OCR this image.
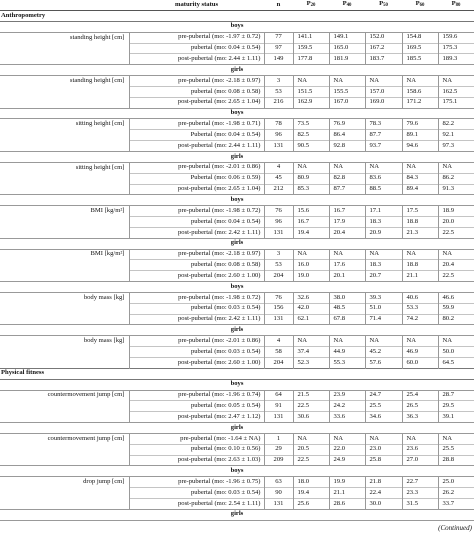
	maturity status	n	$P_{20}$	$P_{40}$	$P_{50}$	$P_{60}$	$P_{80}$
Anthropometry							
boys							
standing height [cm]	pre-pubertal (mo: -1.97 ± 0.72)	77	141.1	149.1	152.0	154.8	159.6
	pubertal (mo: 0.04 ± 0.54)	97	159.5	165.0	167.2	169.5	175.3
	post-pubertal (mo: 2.44 ± 1.11)	149	177.8	181.9	183.7	185.5	189.3
girls							
standing height [cm]	pre-pubertal (mo: -2.18 ± 0.97)	3	NA	NA	NA	NA	NA
	pubertal (mo: 0.08 ± 0.58)	53	151.5	155.5	157.0	158.6	162.5
	post-pubertal (mo: 2.65 ± 1.04)	216	162.9	167.0	169.0	171.2	175.1
boys							
sitting height [cm]	pre-pubertal (mo: -1.98 ± 0.71)	78	73.5	76.9	78.3	79.6	82.2
	Pubertal (mo: 0.04 ± 0.54)	96	82.5	86.4	87.7	89.1	92.1
	post-pubertal (mo: 2.44 ± 1.11)	131	90.5	92.8	93.7	94.6	97.3
girls							
sitting height [cm]	pre-pubertal (mo: -2.01 ± 0.86)	4	NA	NA	NA	NA	NA
	Pubertal (mo: 0.06 ± 0.59)	45	80.9	82.8	83.6	84.3	86.2
	post-pubertal (mo: 2.65 ± 1.04)	212	85.3	87.7	88.5	89.4	91.3
boys							
BMI [kg/m²]	pre-pubertal (mo: -1.98 ± 0.72)	76	15.6	16.7	17.1	17.5	18.9
	pubertal (mo: 0.04 ± 0.54)	96	16.7	17.9	18.3	18.8	20.0
	post-pubertal (mo: 2.42 ± 1.11)	131	19.4	20.4	20.9	21.3	22.5
girls							
BMI [kg/m²]	pre-pubertal (mo: -2.18 ± 0.97)	3	NA	NA	NA	NA	NA
	pubertal (mo: 0.08 ± 0.58)	53	16.0	17.6	18.3	18.8	20.4
	post-pubertal (mo: 2.60 ± 1.00)	204	19.0	20.1	20.7	21.1	22.5
boys							
body mass [kg]	pre-pubertal (mo: -1.98 ± 0.72)	76	32.6	38.0	39.3	40.6	46.6
	pubertal (mo: 0.03 ± 0.54)	156	42.0	48.5	51.0	53.3	59.9
	post-pubertal (mo: 2.42 ± 1.11)	131	62.1	67.8	71.4	74.2	80.2
girls							
body mass [kg]	pre-pubertal (mo: -2.01 ± 0.86)	4	NA	NA	NA	NA	NA
	pubertal (mo: 0.03 ± 0.54)	58	37.4	44.9	45.2	46.9	50.0
	post-pubertal (mo: 2.60 ± 1.00)	204	52.3	55.3	57.6	60.0	64.5
Physical fitness							
boys							
countermovement jump [cm]	pre-pubertal (mo: -1.96 ± 0.74)	64	21.5	23.9	24.7	25.4	28.7
	pubertal (mo: 0.05 ± 0.54)	91	22.5	24.2	25.5	26.5	29.5
	post-pubertal (mo: 2.47 ± 1.12)	131	30.6	33.6	34.6	36.3	39.1
girls							
countermovement jump [cm]	pre-pubertal (mo: -1.64 ± NA)	1	NA	NA	NA	NA	NA
	pubertal (mo: 0.10 ± 0.56)	29	20.5	22.0	23.0	23.6	25.5
	post-pubertal (mo: 2.63 ± 1.03)	209	22.5	24.9	25.8	27.0	28.8
boys							
drop jump [cm]	pre-pubertal (mo: -1.96 ± 0.75)	63	18.0	19.9	21.8	22.7	25.0
	pubertal (mo: 0.03 ± 0.54)	90	19.4	21.1	22.4	23.3	26.2
	post-pubertal (mo: 2.54 ± 1.11)	131	25.6	28.6	30.0	31.5	33.7
girls							
(Continued)
